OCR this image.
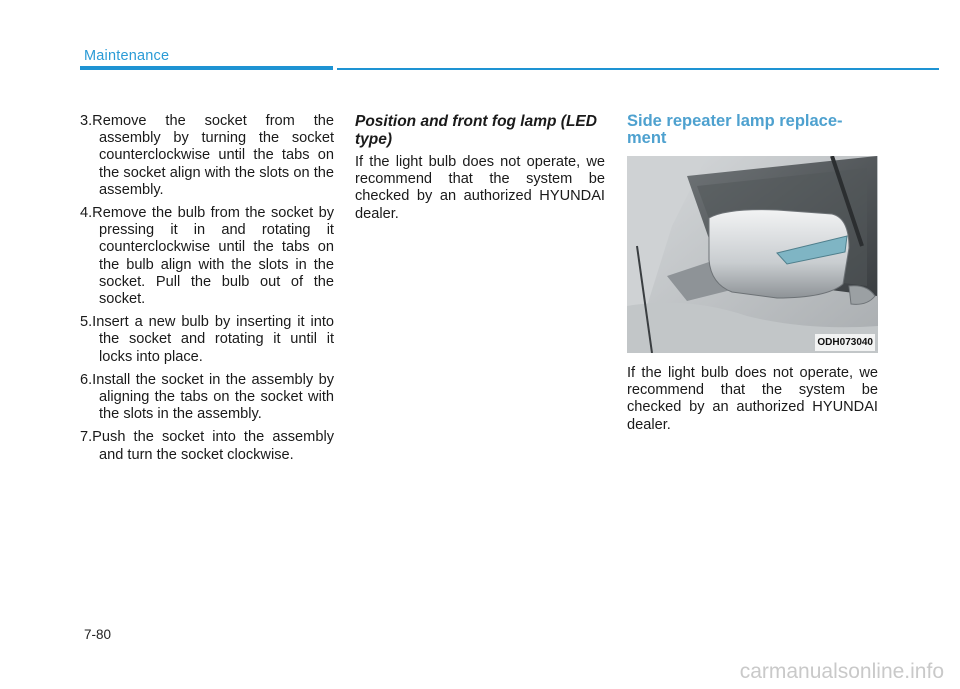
Maintenance

3.Remove the socket from the assembly by turning the socket counterclockwise until the tabs on the socket align with the slots on the assembly.

4.Remove the bulb from the socket by pressing it in and rotating it counterclockwise until the tabs on the bulb align with the slots in the socket. Pull the bulb out of the socket.

5.Insert a new bulb by inserting it into the socket and rotating it until it locks into place.

6.Install the socket in the assembly by aligning the tabs on the socket with the slots in the assembly.

7.Push the socket into the assembly and turn the socket clockwise.

Position and front fog lamp (LED type)

If the light bulb does not operate, we recommend that the system be checked by an authorized HYUNDAI dealer.

Side repeater lamp replace-ment
ODH073040

If the light bulb does not operate, we recommend that the system be checked by an authorized HYUNDAI dealer.

7-80
carmanualsonline.info
